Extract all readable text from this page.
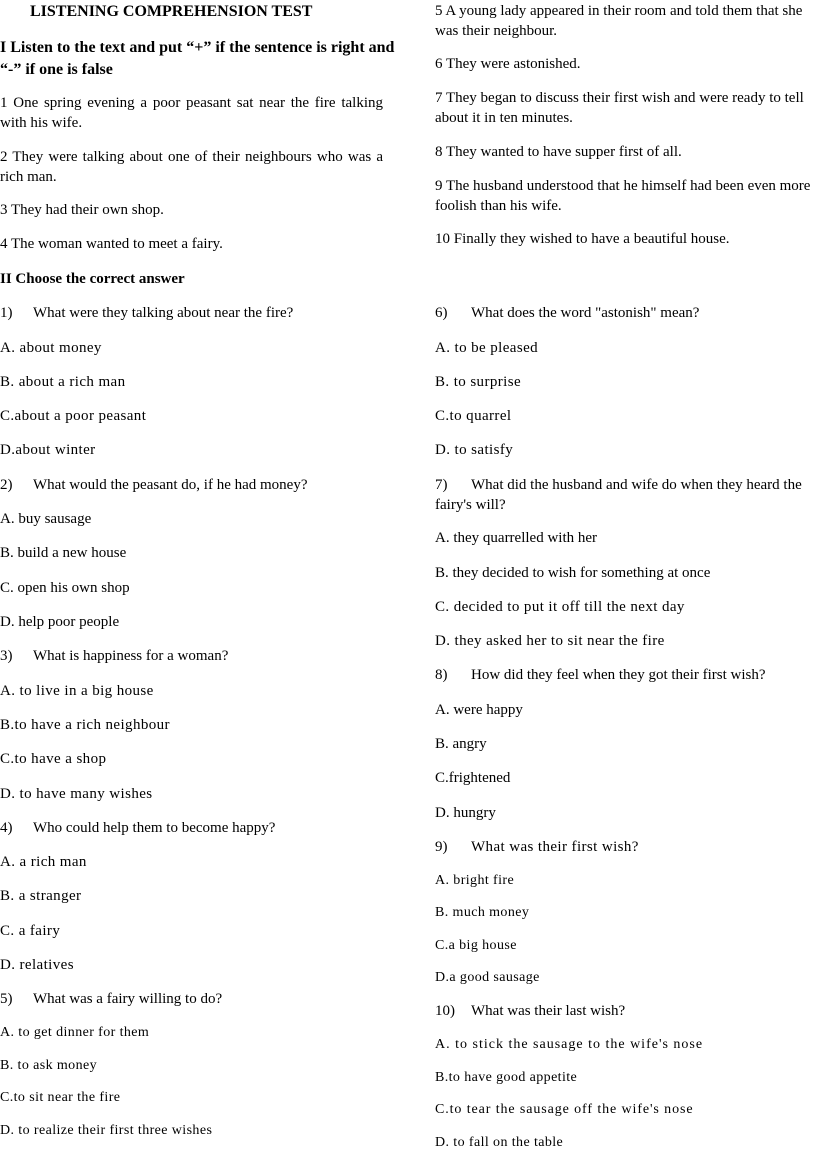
LISTENING COMPREHENSION TEST

I Listen to the text and put “+” if the sentence is right and “-” if one is false

1 One spring evening a poor peasant sat near the fire talking with his wife.

2 They were talking about one of their neighbours who was a rich man.

3 They had their own shop.

4 The woman wanted to meet a fairy.

5 A young lady appeared in their room and told them that she was their neighbour.

6 They were astonished.

7 They began to discuss their first wish and were ready to tell about it in ten minutes.

8 They wanted to have supper first of all.

9 The husband understood that he himself had been even more foolish than his wife.

10 Finally they wished to have a beautiful house.

II Choose the correct answer

1) What were they talking about near the fire?

A. about money

B. about a rich man

C.about a poor peasant

D.about winter

2) What would the peasant do, if he had money?

A. buy sausage

B. build a new house

C. open his own shop

D. help poor people

3) What is happiness for a woman?

A. to live in a big house

B.to have a rich neighbour

C.to have a shop

D. to have many wishes

4) Who could help them to become happy?

A. a rich man

B. a stranger

C. a fairy

D. relatives

5) What was a fairy willing to do?

A. to get dinner for them

B. to ask money

C.to sit near the fire

D. to realize their first three wishes

6) What does the word "astonish" mean?

A. to be pleased

B. to surprise

C.to quarrel

D. to satisfy

7)	What did the husband and wife do when they heard the fairy's will?

A. they quarrelled with her

B. they decided to wish for something at once

C. decided to put it off till the next day

D. they asked her to sit near the fire

8) How did they feel when they got their first wish?

A. were happy

B. angry

C.frightened

D. hungry

9) What was their first wish?

A. bright fire

B. much money

C.a big house

D.a good sausage

10) What was their last wish?

A. to stick the sausage to the wife's nose

B.to have good appetite

C.to tear the sausage off the wife's nose

D. to fall on the table
